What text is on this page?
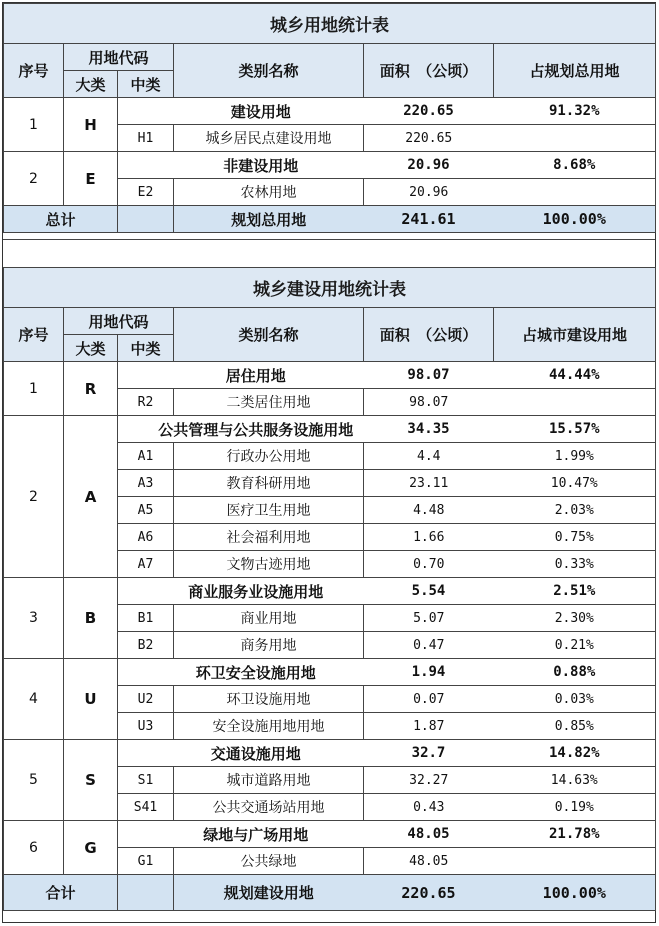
城乡用地统计表					
序号	用地代码		类别名称	面积　（公顷）	占规划总用地
	大类	中类			
1	H	建设用地		220.65	91.32%
		H1	城乡居民点建设用地	220.65	
2	E	非建设用地		20.96	8.68%
		E2	农林用地	20.96	
总计			规划总用地	241.61	100.00%
城乡建设用地统计表					
序号	用地代码		类别名称	面积　（公顷）	占城市建设用地
	大类	中类			
1	R	居住用地		98.07	44.44%
		R2	二类居住用地	98.07	
2	A	公共管理与公共服务设施用地		34.35	15.57%
		A1	行政办公用地	4.4	1.99%
		A3	教育科研用地	23.11	10.47%
		A5	医疗卫生用地	4.48	2.03%
		A6	社会福利用地	1.66	0.75%
		A7	文物古迹用地	0.70	0.33%
3	B	商业服务业设施用地		5.54	2.51%
		B1	商业用地	5.07	2.30%
		B2	商务用地	0.47	0.21%
4	U	环卫安全设施用地		1.94	0.88%
		U2	环卫设施用地	0.07	0.03%
		U3	安全设施用地用地	1.87	0.85%
5	S	交通设施用地		32.7	14.82%
		S1	城市道路用地	32.27	14.63%
		S41	公共交通场站用地	0.43	0.19%
6	G	绿地与广场用地		48.05	21.78%
		G1	公共绿地	48.05	
合计			规划建设用地	220.65	100.00%
